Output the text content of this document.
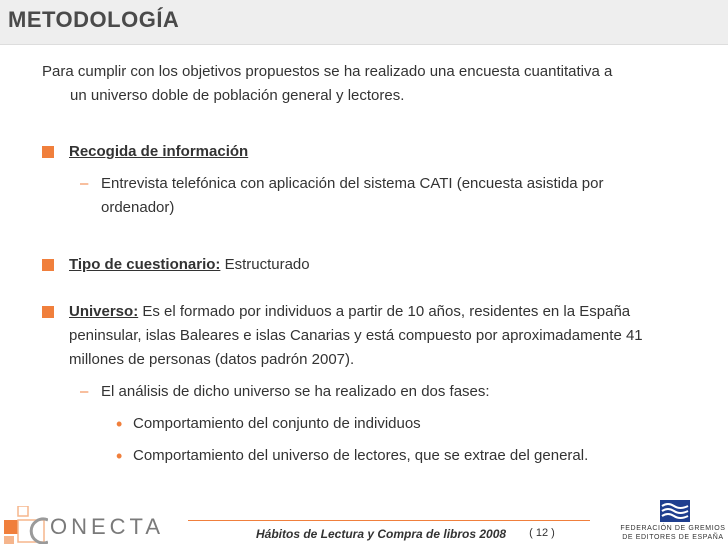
METODOLOGÍA
Para cumplir con los objetivos propuestos se ha realizado una encuesta cuantitativa a
un universo doble de población general y lectores.
Recogida de información
– Entrevista telefónica con aplicación del sistema CATI (encuesta asistida por ordenador)
Tipo de cuestionario: Estructurado
Universo: Es el formado por individuos a partir de 10 años, residentes en la España peninsular, islas Baleares e islas Canarias y está compuesto por aproximadamente 41 millones de personas (datos padrón 2007).
– El análisis de dicho universo se ha realizado en dos fases:
• Comportamiento del conjunto de individuos
• Comportamiento del universo de lectores, que se extrae del general.
ONECTA	Hábitos de Lectura y Compra de libros 2008	( 12 )	FEDERACIÓN DE GREMIOS
DE EDITORES DE ESPAÑA
